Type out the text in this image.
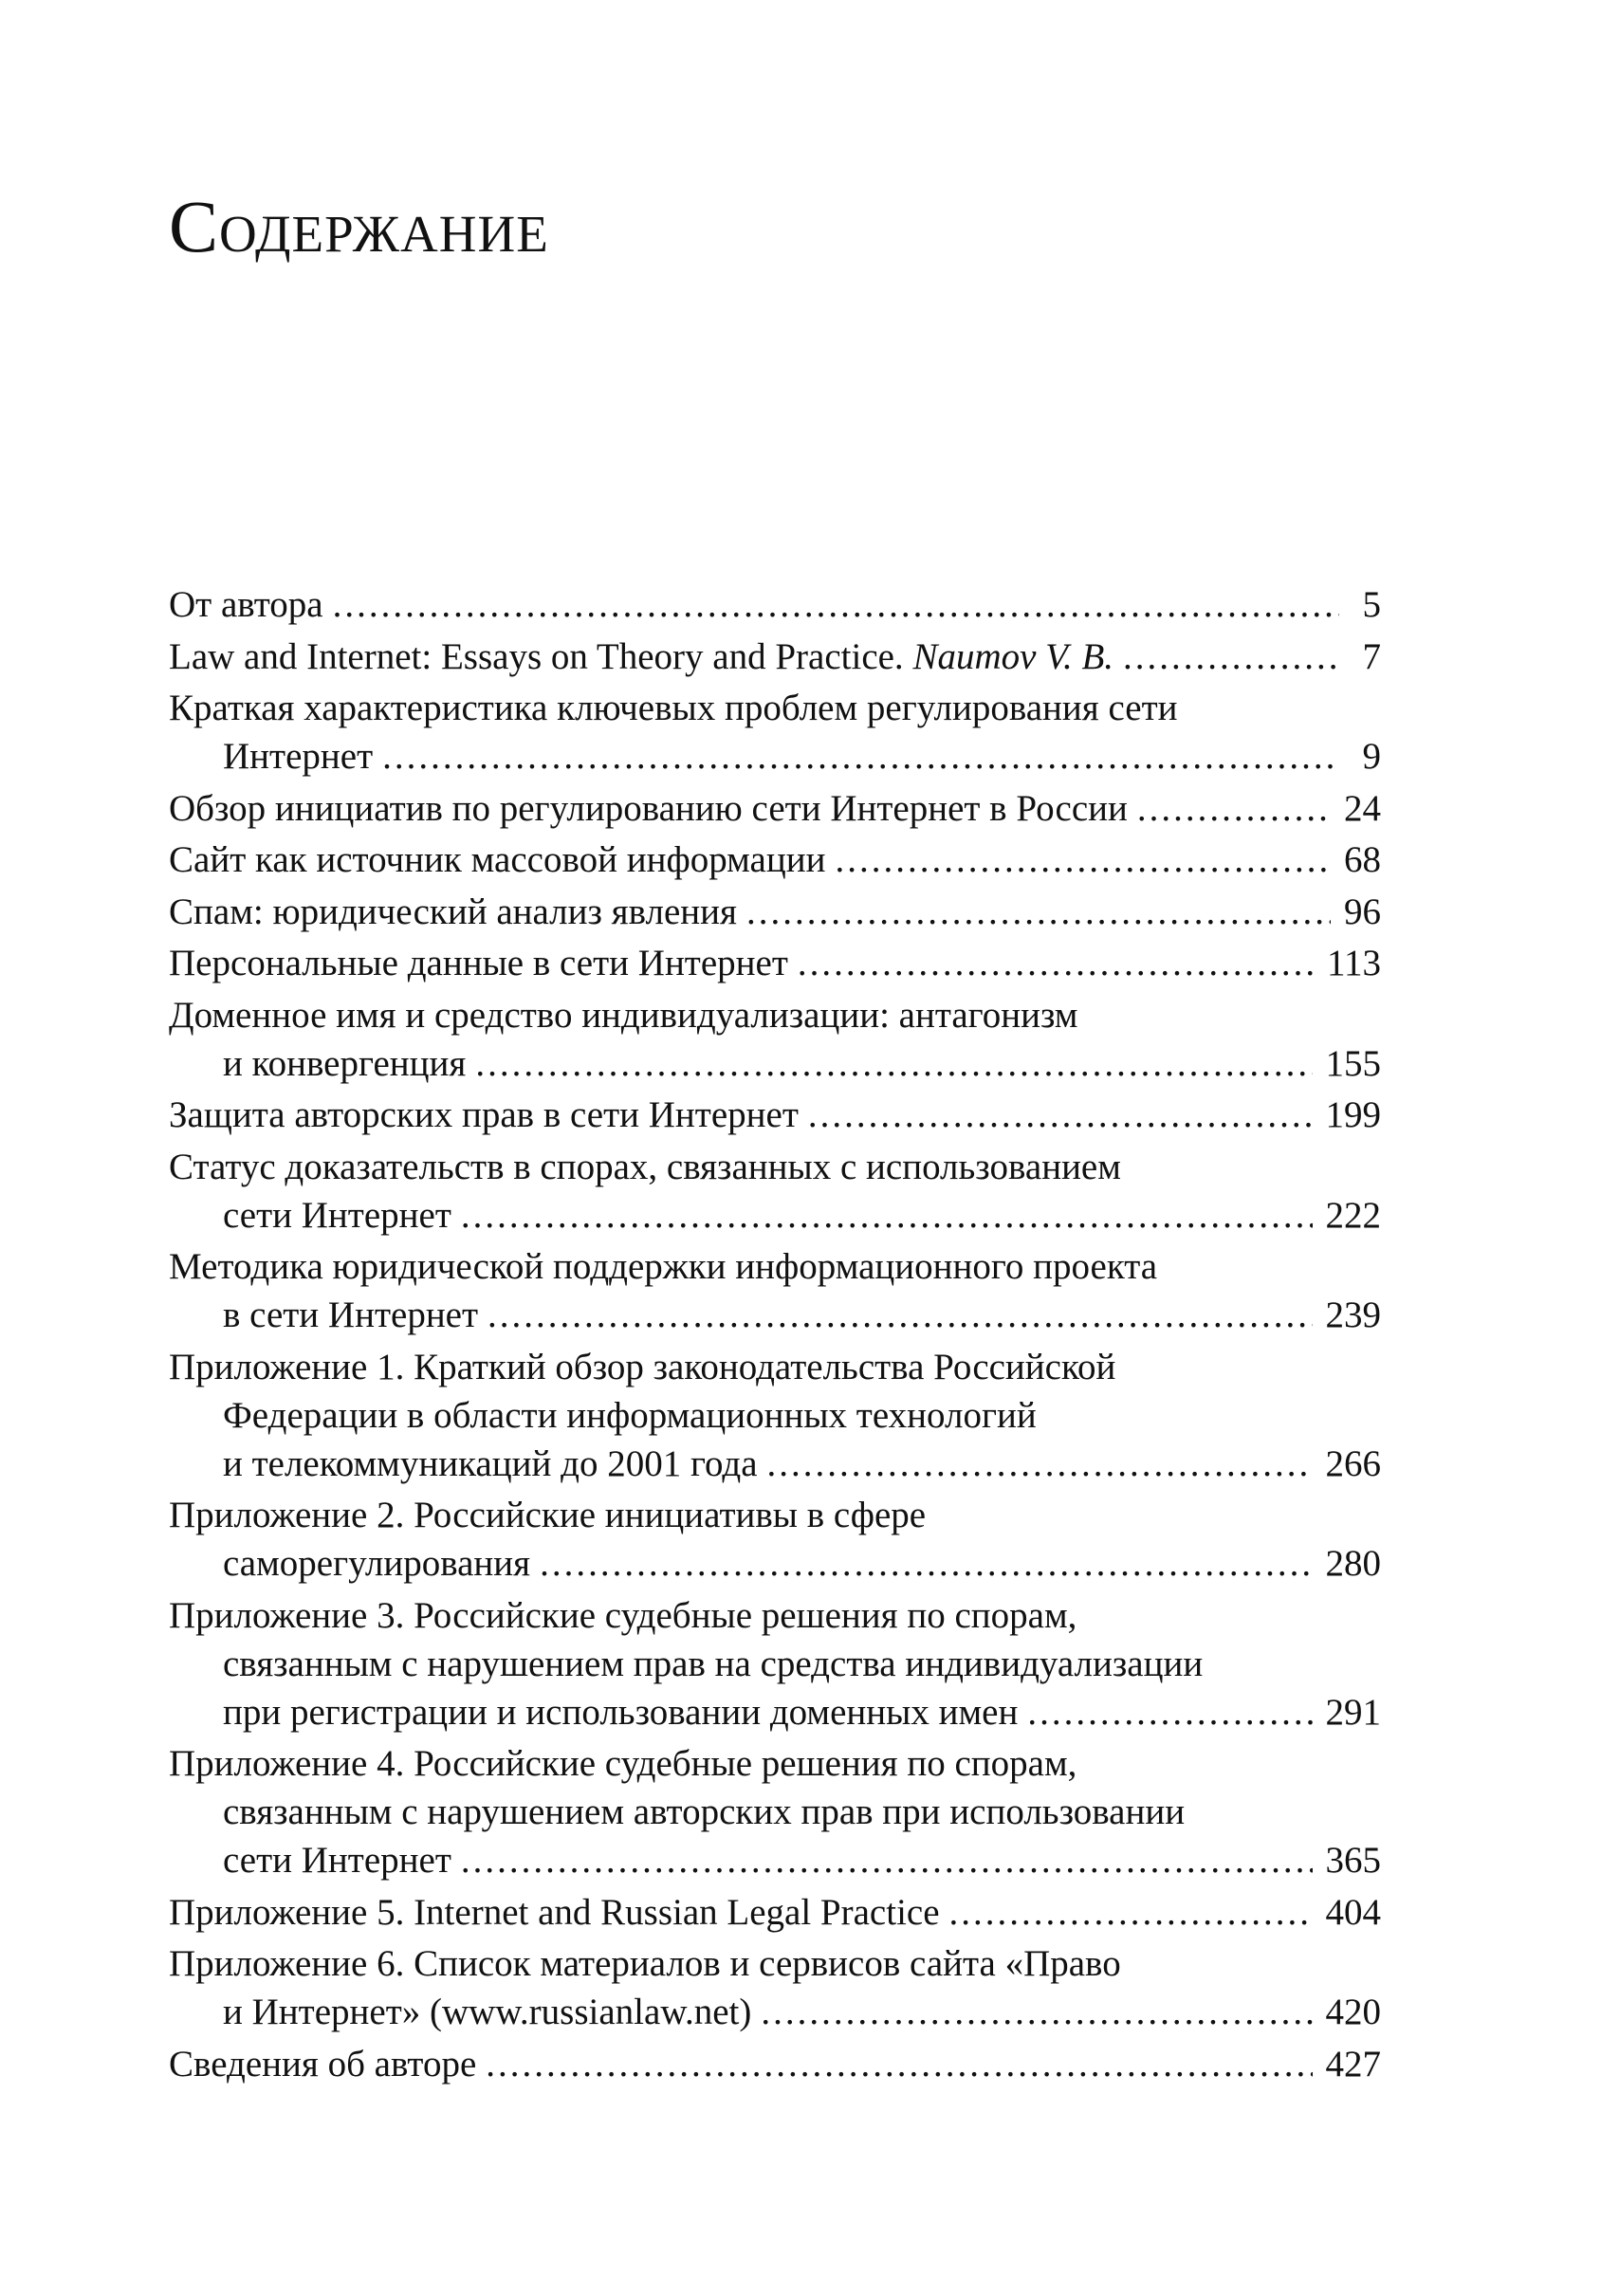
Содержание
От автора .....	5
Law and Internet: Essays on Theory and Practice.
Naumov V. B. .....	7
Краткая характеристика ключевых проблем регулирования сети
Интернет .....	9
Обзор инициатив по регулированию сети Интернет в России .....	24
Сайт как источник массовой информации .....	68
Спам: юридический анализ явления .....	96
Персональные данные в сети Интернет .....	113
Доменное имя и средство индивидуализации: антагонизм
и конвергенция .....	155
Защита авторских прав в сети Интернет .....	199
Статус доказательств в спорах, связанных с использованием
сети Интернет .....	222
Методика юридической поддержки информационного проекта
в сети Интернет .....	239
Приложение 1. Краткий обзор законодательства Российской
Федерации в области информационных технологий
и телекоммуникаций до 2001 года .....	266
Приложение 2. Российские инициативы в сфере
саморегулирования .....	280
Приложение 3. Российские судебные решения по спорам,
связанным с нарушением прав на средства индивидуализации
при регистрации и использовании доменных имен .....	291
Приложение 4. Российские судебные решения по спорам,
связанным с нарушением авторских прав при использовании
сети Интернет .....	365
Приложение 5. Internet and Russian Legal Practice .....	404
Приложение 6. Список материалов и сервисов сайта «Право
и Интернет» (www.russianlaw.net) .....	420
Сведения об авторе .....	427
